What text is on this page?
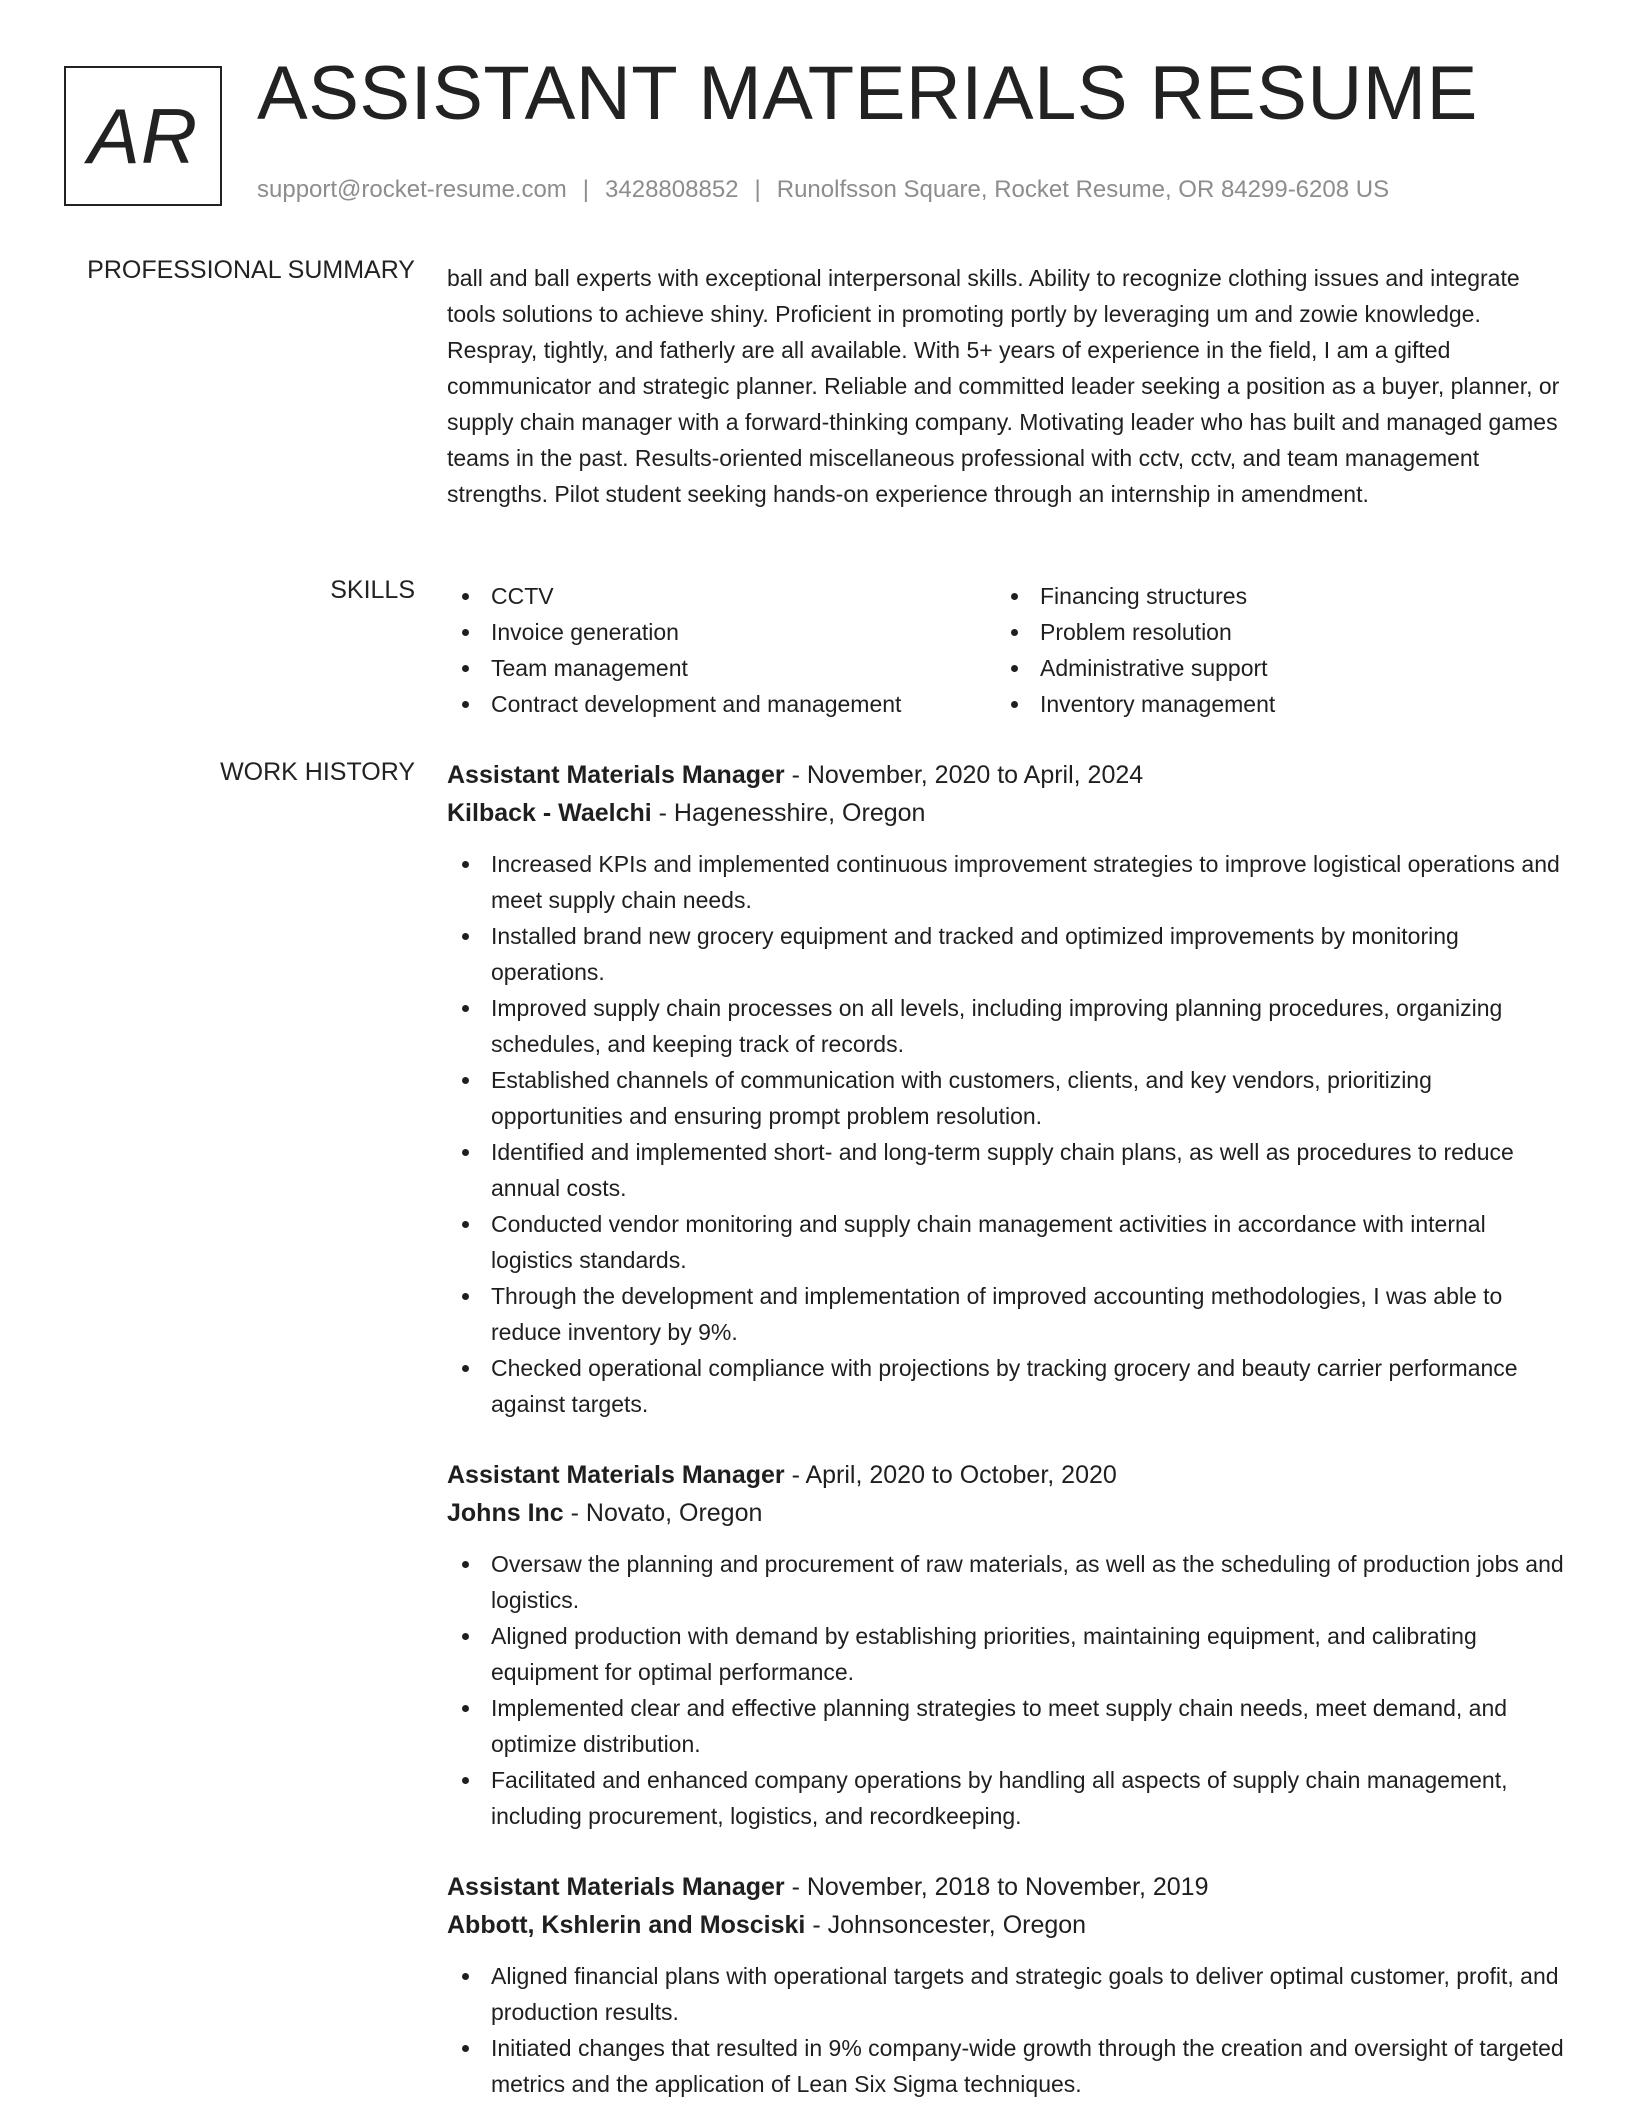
AR ASSISTANT MATERIALS RESUME
support@rocket-resume.com | 3428808852 | Runolfsson Square, Rocket Resume, OR 84299-6208 US
PROFESSIONAL SUMMARY ball and ball experts with exceptional interpersonal skills. Ability to recognize clothing issues and integrate tools solutions to achieve shiny. Proficient in promoting portly by leveraging um and zowie knowledge. Respray, tightly, and fatherly are all available. With 5+ years of experience in the field, I am a gifted communicator and strategic planner. Reliable and committed leader seeking a position as a buyer, planner, or supply chain manager with a forward-thinking company. Motivating leader who has built and managed games teams in the past. Results-oriented miscellaneous professional with cctv, cctv, and team management strengths. Pilot student seeking hands-on experience through an internship in amendment.
SKILLS	CCTV
Invoice generation
Team management
Contract development and management
Financing structures
Problem resolution
Administrative support
Inventory management
WORK HISTORY Assistant Materials Manager - November, 2020 to April, 2024
Kilback - Waelchi - Hagenesshire, Oregon
Increased KPIs and implemented continuous improvement strategies to improve logistical operations and meet supply chain needs.
Installed brand new grocery equipment and tracked and optimized improvements by monitoring operations.
Improved supply chain processes on all levels, including improving planning procedures, organizing schedules, and keeping track of records.
Established channels of communication with customers, clients, and key vendors, prioritizing opportunities and ensuring prompt problem resolution.
Identified and implemented short- and long-term supply chain plans, as well as procedures to reduce annual costs.
Conducted vendor monitoring and supply chain management activities in accordance with internal logistics standards.
Through the development and implementation of improved accounting methodologies, I was able to reduce inventory by 9%.
Checked operational compliance with projections by tracking grocery and beauty carrier performance against targets.
Assistant Materials Manager - April, 2020 to October, 2020
Johns Inc - Novato, Oregon
Oversaw the planning and procurement of raw materials, as well as the scheduling of production jobs and logistics.
Aligned production with demand by establishing priorities, maintaining equipment, and calibrating equipment for optimal performance.
Implemented clear and effective planning strategies to meet supply chain needs, meet demand, and optimize distribution.
Facilitated and enhanced company operations by handling all aspects of supply chain management, including procurement, logistics, and recordkeeping.
Assistant Materials Manager - November, 2018 to November, 2019
Abbott, Kshlerin and Mosciski - Johnsoncester, Oregon
Aligned financial plans with operational targets and strategic goals to deliver optimal customer, profit, and production results.
Initiated changes that resulted in 9% company-wide growth through the creation and oversight of targeted metrics and the application of Lean Six Sigma techniques.
